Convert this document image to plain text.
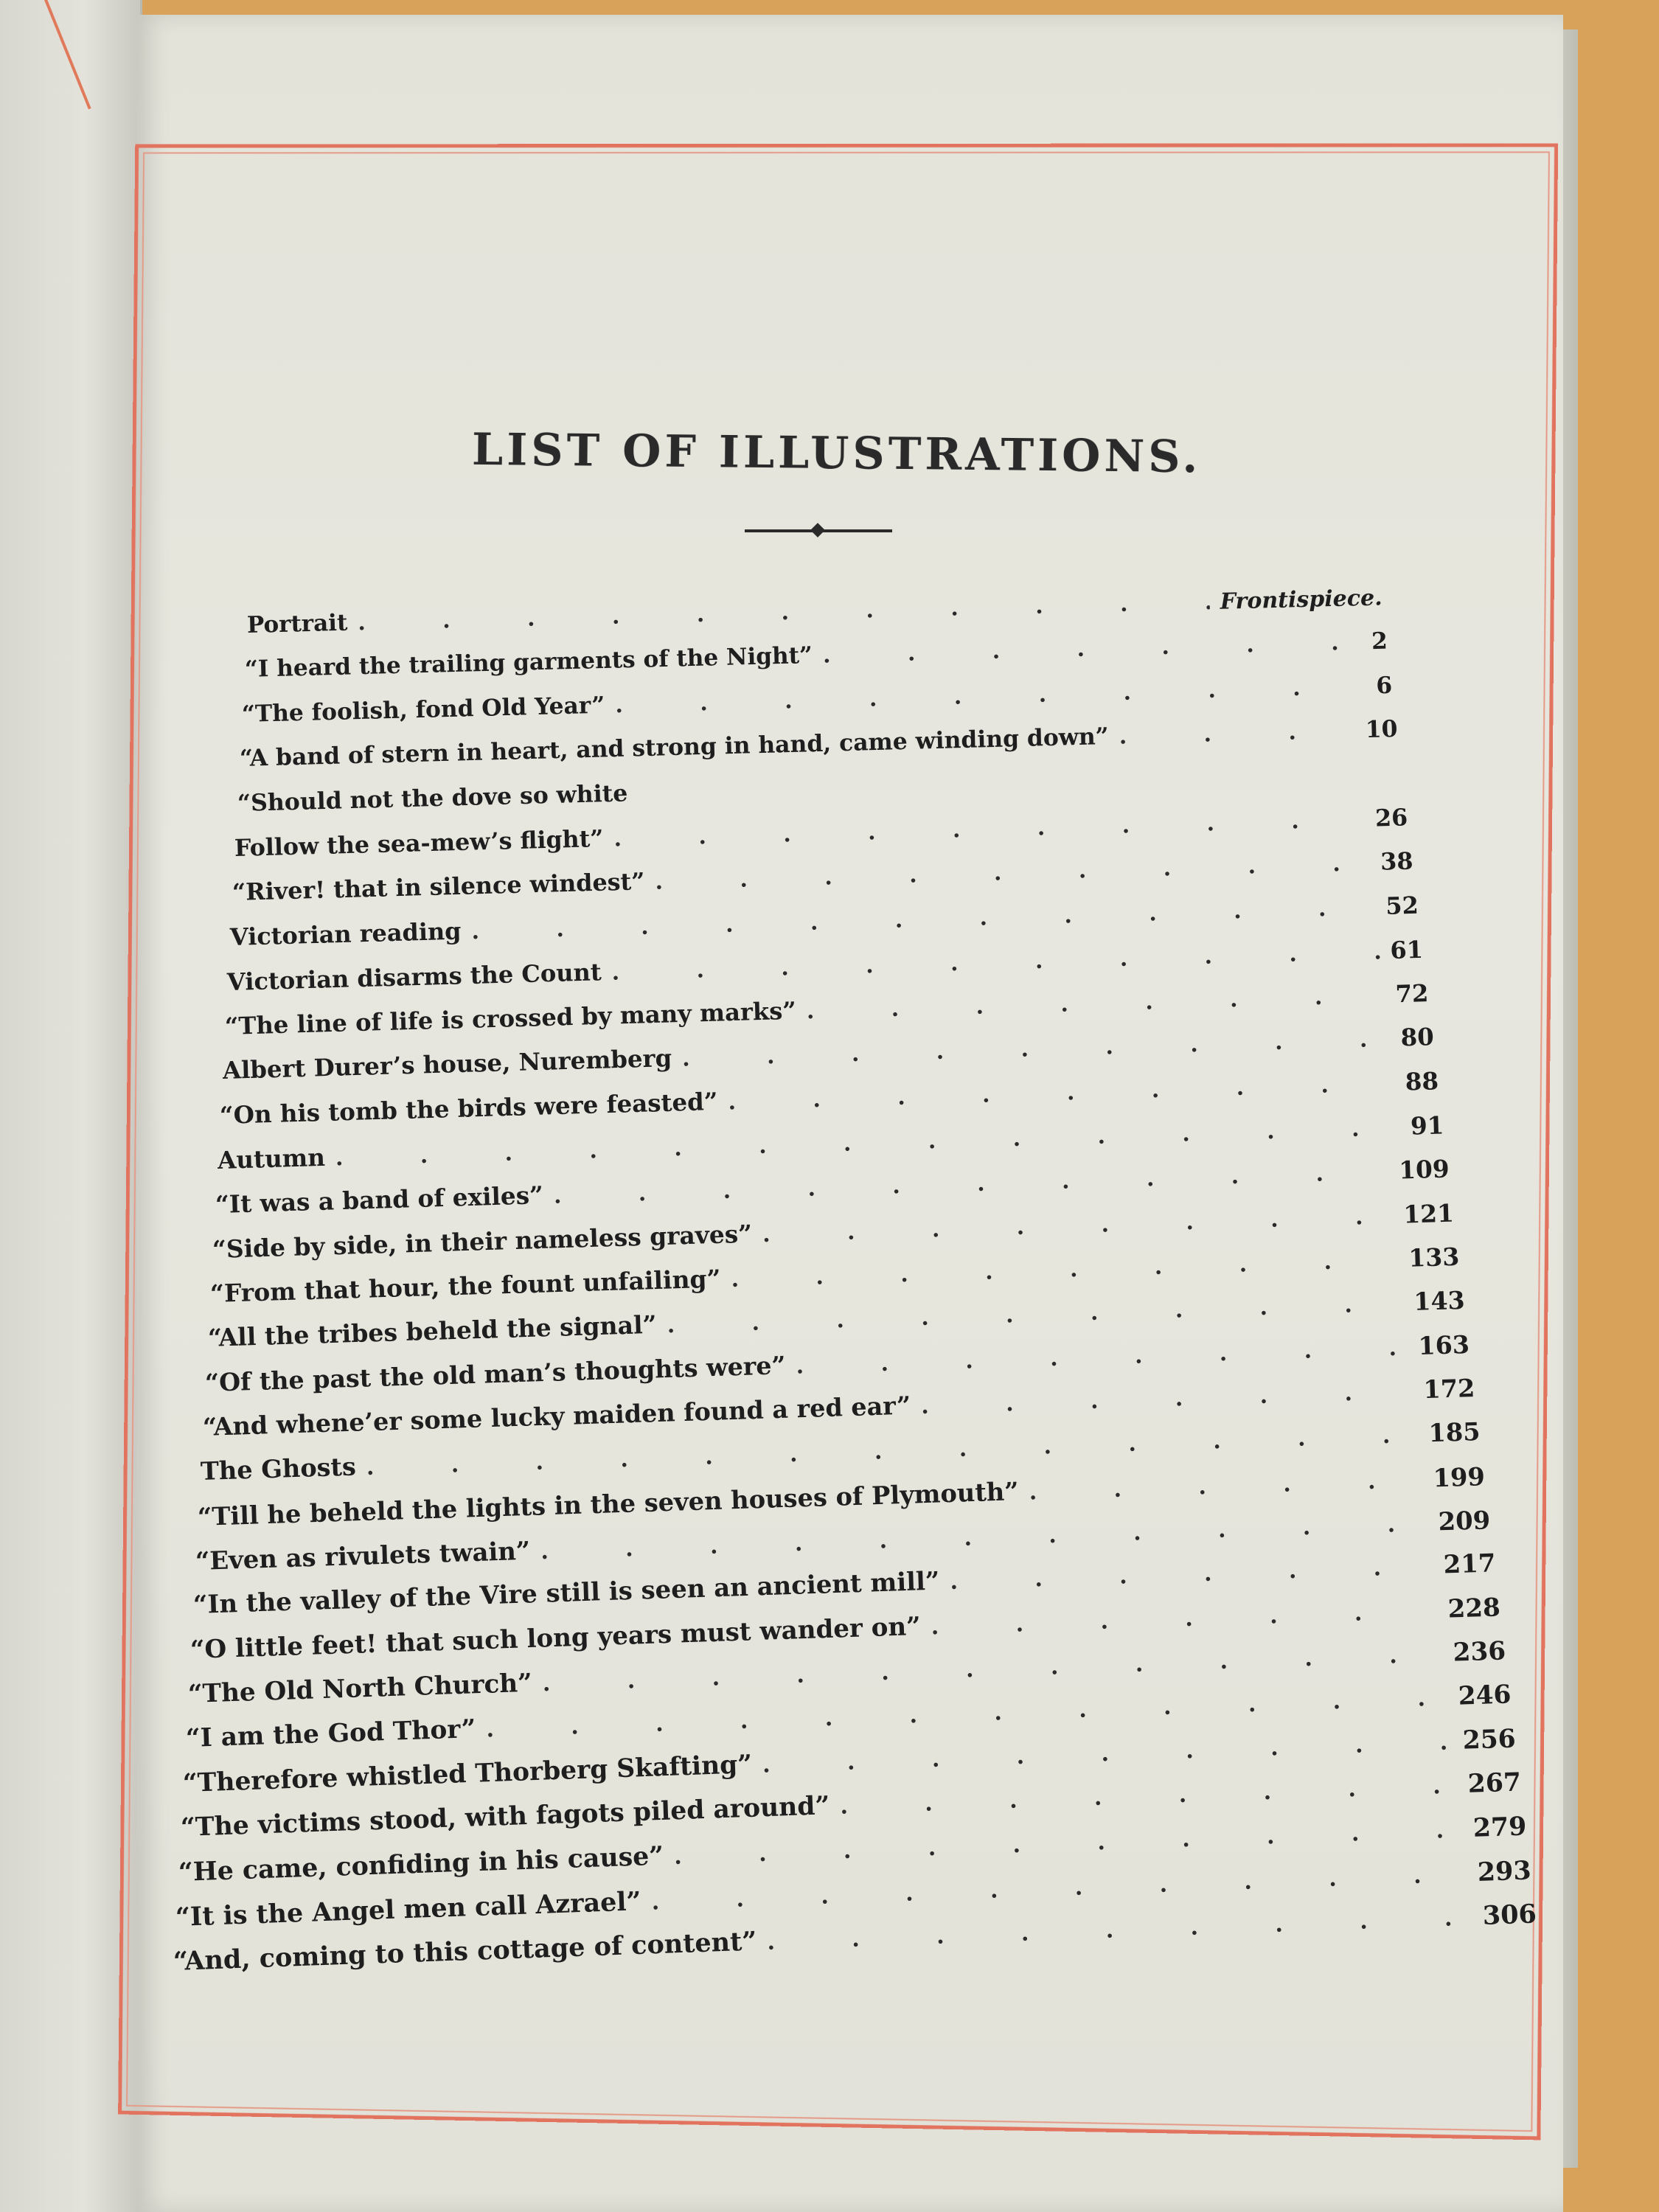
LIST OF ILLUSTRATIONS.
Portrait
.
Frontispiece.
“I heard the trailing garments of the Night”
.
2
“The foolish, fond Old Year”
.
6
“A band of stern in heart, and strong in hand, came winding down” .	10
“Should not the dove so white
Follow the sea-mew’s flight”
.
26
“River! that in silence windest”
.
38
Victorian reading
.
52
Victorian disarms the Count
.
61
“The line of life is crossed by many marks”
.
72
Albert Durer’s house, Nuremberg
.
80
“On his tomb the birds were feasted”
.
88
Autumn
.
91
“It was a band of exiles”
.
109
“Side by side, in their nameless graves”
.
121
“From that hour, the fount unfailing”
.
133
“All the tribes beheld the signal”
.
143
“Of the past the old man’s thoughts were”
.
163
“And whene’er some lucky maiden found a red ear”
.
172
The Ghosts
.
185
“Till he beheld the lights in the seven houses of Plymouth” .	199
“Even as rivulets twain”
.
209
“In the valley of the Vire still is seen an ancient mill”
.
217
“O little feet! that such long years must wander on”
.
228
“The Old North Church”
.
236
“I am the God Thor”
.
246
“Therefore whistled Thorberg Skafting”
.
256
“The victims stood, with fagots piled around”
.
267
“He came, confiding in his cause”
.
279
“It is the Angel men call Azrael”
.
293
“And, coming to this cottage of content”
.
306
